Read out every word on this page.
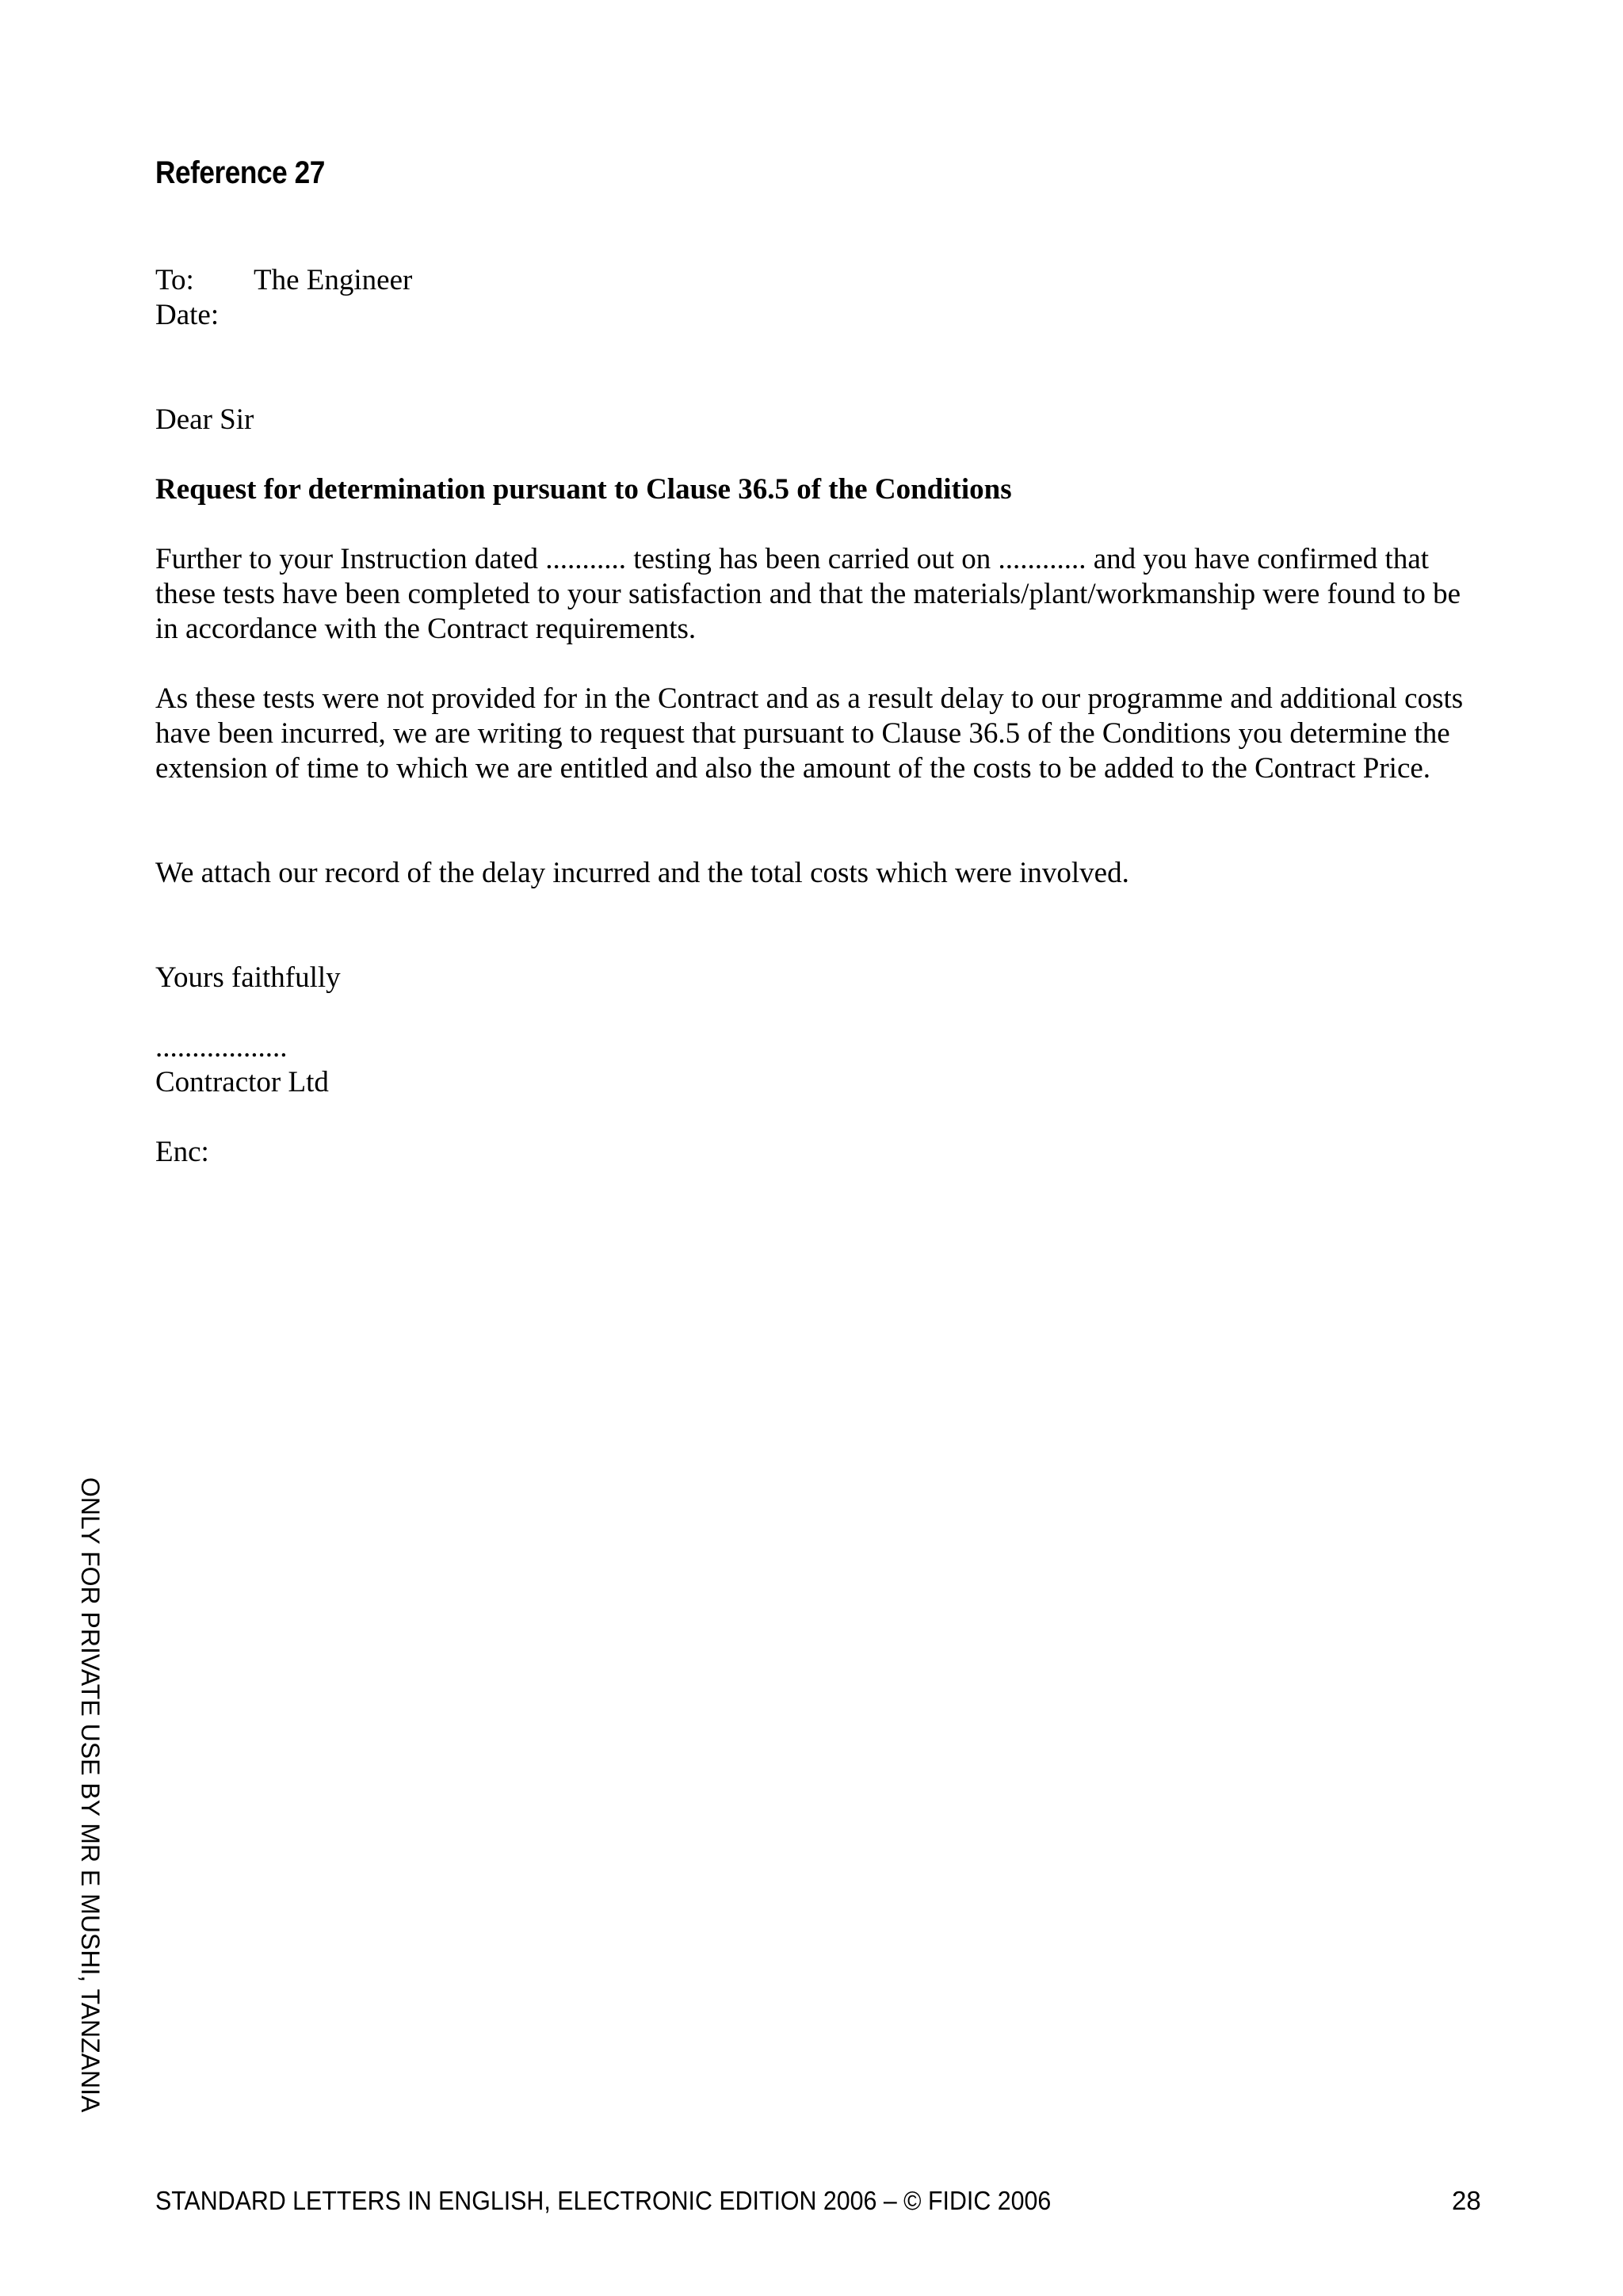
Reference 27
To: The Engineer
Date:

Dear Sir

Request for determination pursuant to Clause 36.5 of the Conditions

Further to your Instruction dated ........... testing has been carried out on ............ and you have confirmed that these tests have been completed to your satisfaction and that the materials/plant/workmanship were found to be in accordance with the Contract requirements.

As these tests were not provided for in the Contract and as a result delay to our programme and additional costs have been incurred, we are writing to request that pursuant to Clause 36.5 of the Conditions you determine the extension of time to which we are entitled and also the amount of the costs to be added to the Contract Price.

We attach our record of the delay incurred and the total costs which were involved.

Yours faithfully

..................

Contractor Ltd

Enc:

ONLY FOR PRIVATE USE BY MR E MUSHI, TANZANIA
STANDARD LETTERS IN ENGLISH, ELECTRONIC EDITION 2006 – © FIDIC 2006	28
